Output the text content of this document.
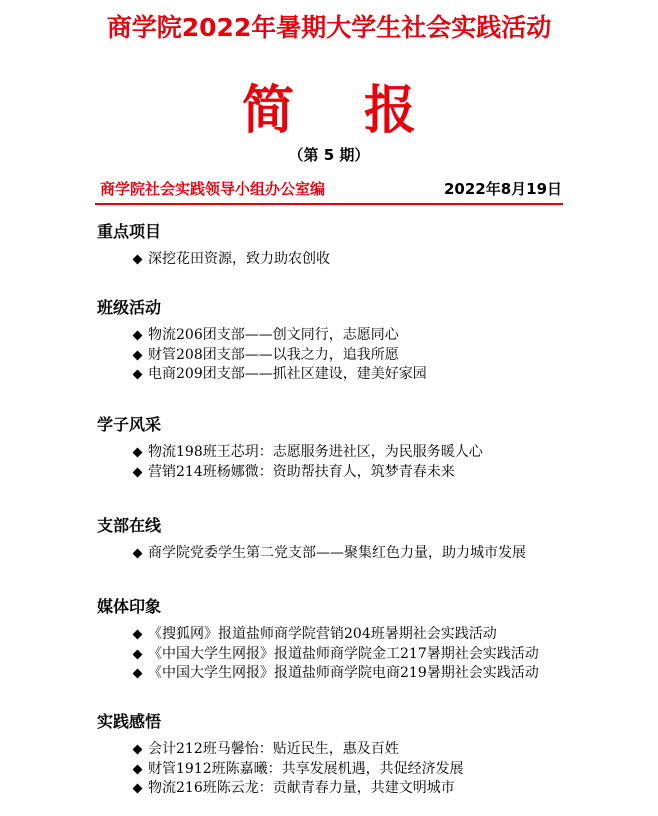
商学院2022年暑期大学生社会实践活动
简 报
（第 5 期）
商学院社会实践领导小组办公室编	2022年8月19日
重点项目
深挖花田资源，致力助农创收
班级活动
物流206团支部——创文同行，志愿同心
财管208团支部——以我之力，追我所愿
电商209团支部——抓社区建设，建美好家园
学子风采
物流198班王芯玥：志愿服务进社区，为民服务暖人心
营销214班杨娜微：资助帮扶育人，筑梦青春未来
支部在线
商学院党委学生第二党支部——聚集红色力量，助力城市发展
媒体印象
《搜狐网》报道盐师商学院营销204班暑期社会实践活动
《中国大学生网报》报道盐师商学院金工217暑期社会实践活动
《中国大学生网报》报道盐师商学院电商219暑期社会实践活动
实践感悟
会计212班马馨怡：贴近民生，惠及百姓
财管1912班陈嘉曦：共享发展机遇，共促经济发展
物流216班陈云龙：贡献青春力量，共建文明城市
